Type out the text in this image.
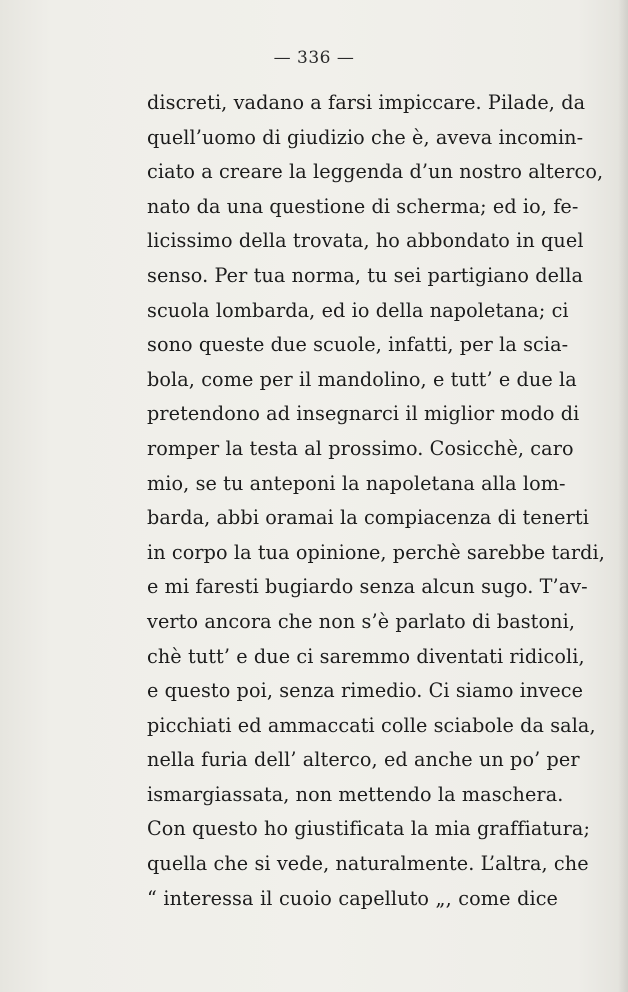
— 336 —
discreti, vadano a farsi impiccare. Pilade, da
quell’uomo di giudizio che è, aveva incomin-
ciato a creare la leggenda d’un nostro alterco,
nato da una questione di scherma; ed io, fe-
licissimo della trovata, ho abbondato in quel
senso. Per tua norma, tu sei partigiano della
scuola lombarda, ed io della napoletana; ci
sono queste due scuole, infatti, per la scia-
bola, come per il mandolino, e tutt’ e due la
pretendono ad insegnarci il miglior modo di
romper la testa al prossimo. Cosicchè, caro
mio, se tu anteponi la napoletana alla lom-
barda, abbi oramai la compiacenza di tenerti
in corpo la tua opinione, perchè sarebbe tardi,
e mi faresti bugiardo senza alcun sugo. T’av-
verto ancora che non s’è parlato di bastoni,
chè tutt’ e due ci saremmo diventati ridicoli,
e questo poi, senza rimedio. Ci siamo invece
picchiati ed ammaccati colle sciabole da sala,
nella furia dell’ alterco, ed anche un po’ per
ismargiassata, non mettendo la maschera.
Con questo ho giustificata la mia graffiatura;
quella che si vede, naturalmente. L’altra, che
“ interessa il cuoio capelluto „, come dice
